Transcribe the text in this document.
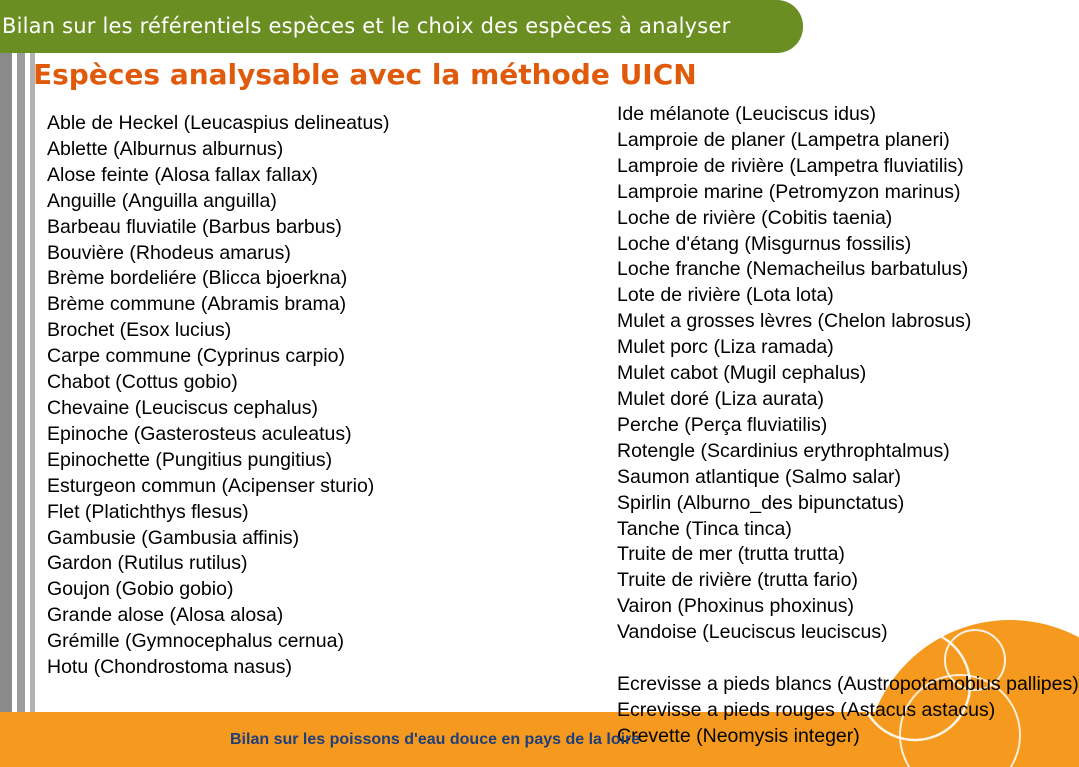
Bilan sur les référentiels espèces et le choix des espèces à analyser
Espèces analysable avec la méthode UICN
Able de Heckel (Leucaspius delineatus)
Ablette (Alburnus alburnus)
Alose feinte (Alosa fallax fallax)
Anguille (Anguilla anguilla)
Barbeau fluviatile (Barbus barbus)
Bouvière (Rhodeus amarus)
Brème bordeliére (Blicca bjoerkna)
Brème commune (Abramis brama)
Brochet (Esox lucius)
Carpe commune (Cyprinus carpio)
Chabot (Cottus gobio)
Chevaine (Leuciscus cephalus)
Epinoche (Gasterosteus aculeatus)
Epinochette (Pungitius pungitius)
Esturgeon commun (Acipenser sturio)
Flet (Platichthys flesus)
Gambusie (Gambusia affinis)
Gardon (Rutilus rutilus)
Goujon (Gobio gobio)
Grande alose (Alosa alosa)
Grémille (Gymnocephalus cernua)
Hotu (Chondrostoma nasus)
Ide mélanote (Leuciscus idus)
Lamproie de planer (Lampetra planeri)
Lamproie de rivière (Lampetra fluviatilis)
Lamproie marine (Petromyzon marinus)
Loche de rivière (Cobitis taenia)
Loche d'étang (Misgurnus fossilis)
Loche franche (Nemacheilus barbatulus)
Lote de rivière (Lota lota)
Mulet a grosses lèvres (Chelon labrosus)
Mulet porc (Liza ramada)
Mulet cabot (Mugil cephalus)
Mulet doré (Liza aurata)
Perche (Perça fluviatilis)
Rotengle (Scardinius erythrophtalmus)
Saumon atlantique (Salmo salar)
Spirlin (Alburno_des bipunctatus)
Tanche (Tinca tinca)
Truite de mer (trutta trutta)
Truite de rivière (trutta fario)
Vairon (Phoxinus phoxinus)
Vandoise (Leuciscus leuciscus)
Ecrevisse a pieds blancs (Austropotamobius pallipes)
Ecrevisse a pieds rouges (Astacus astacus)
Crevette (Neomysis integer)
Bilan sur les poissons d'eau douce en pays de la loire
